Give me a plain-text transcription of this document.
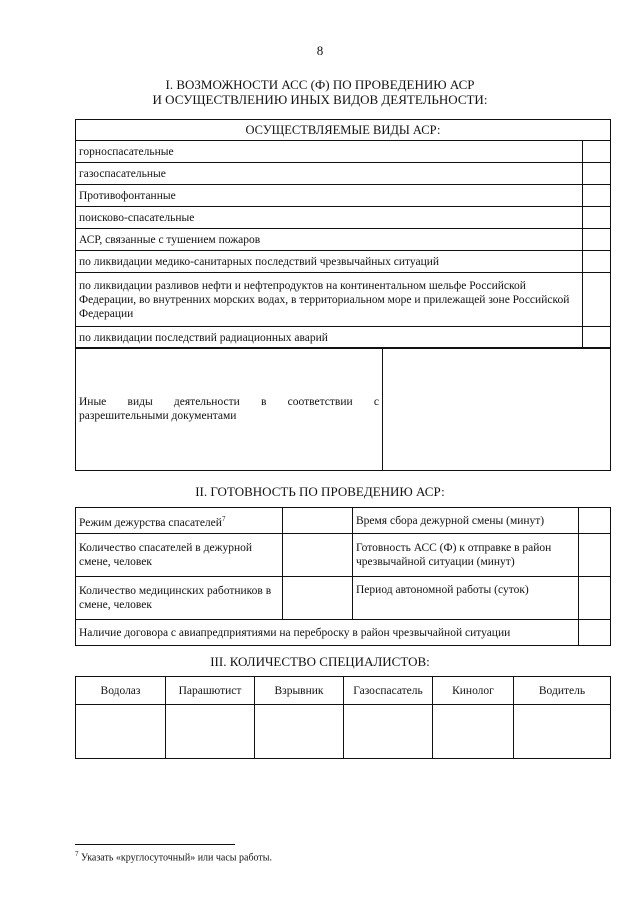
8
I. ВОЗМОЖНОСТИ АСС (Ф) ПО ПРОВЕДЕНИЮ АСР
И ОСУЩЕСТВЛЕНИЮ ИНЫХ ВИДОВ ДЕЯТЕЛЬНОСТИ:
ОСУЩЕСТВЛЯЕМЫЕ ВИДЫ АСР:	
горноспасательные	
газоспасательные	
Противофонтанные	
поисково-спасательные	
АСР, связанные с тушением пожаров	
по ликвидации медико-санитарных последствий чрезвычайных ситуаций	
по ликвидации разливов нефти и нефтепродуктов на континентальном шельфе Российской Федерации, во внутренних морских водах, в территориальном море и прилежащей зоне Российской Федерации	
по ликвидации последствий радиационных аварий	
Иные виды деятельности в соответствии с
разрешительными документами

II. ГОТОВНОСТЬ ПО ПРОВЕДЕНИЮ АСР:
Режим дежурства спасателей$^7$		Время сбора дежурной смены (минут)	
Количество спасателей в дежурной смене, человек		Готовность АСС (Ф) к отправке в район чрезвычайной ситуации (минут)	
Количество медицинских работников в смене, человек		Период автономной работы (суток)	
Наличие договора с авиапредприятиями на переброску в район чрезвычайной ситуации			
III. КОЛИЧЕСТВО СПЕЦИАЛИСТОВ:
Водолаз	Парашютист	Взрывник	Газоспасатель	Кинолог	Водитель

$^7$ Указать «круглосуточный» или часы работы.
